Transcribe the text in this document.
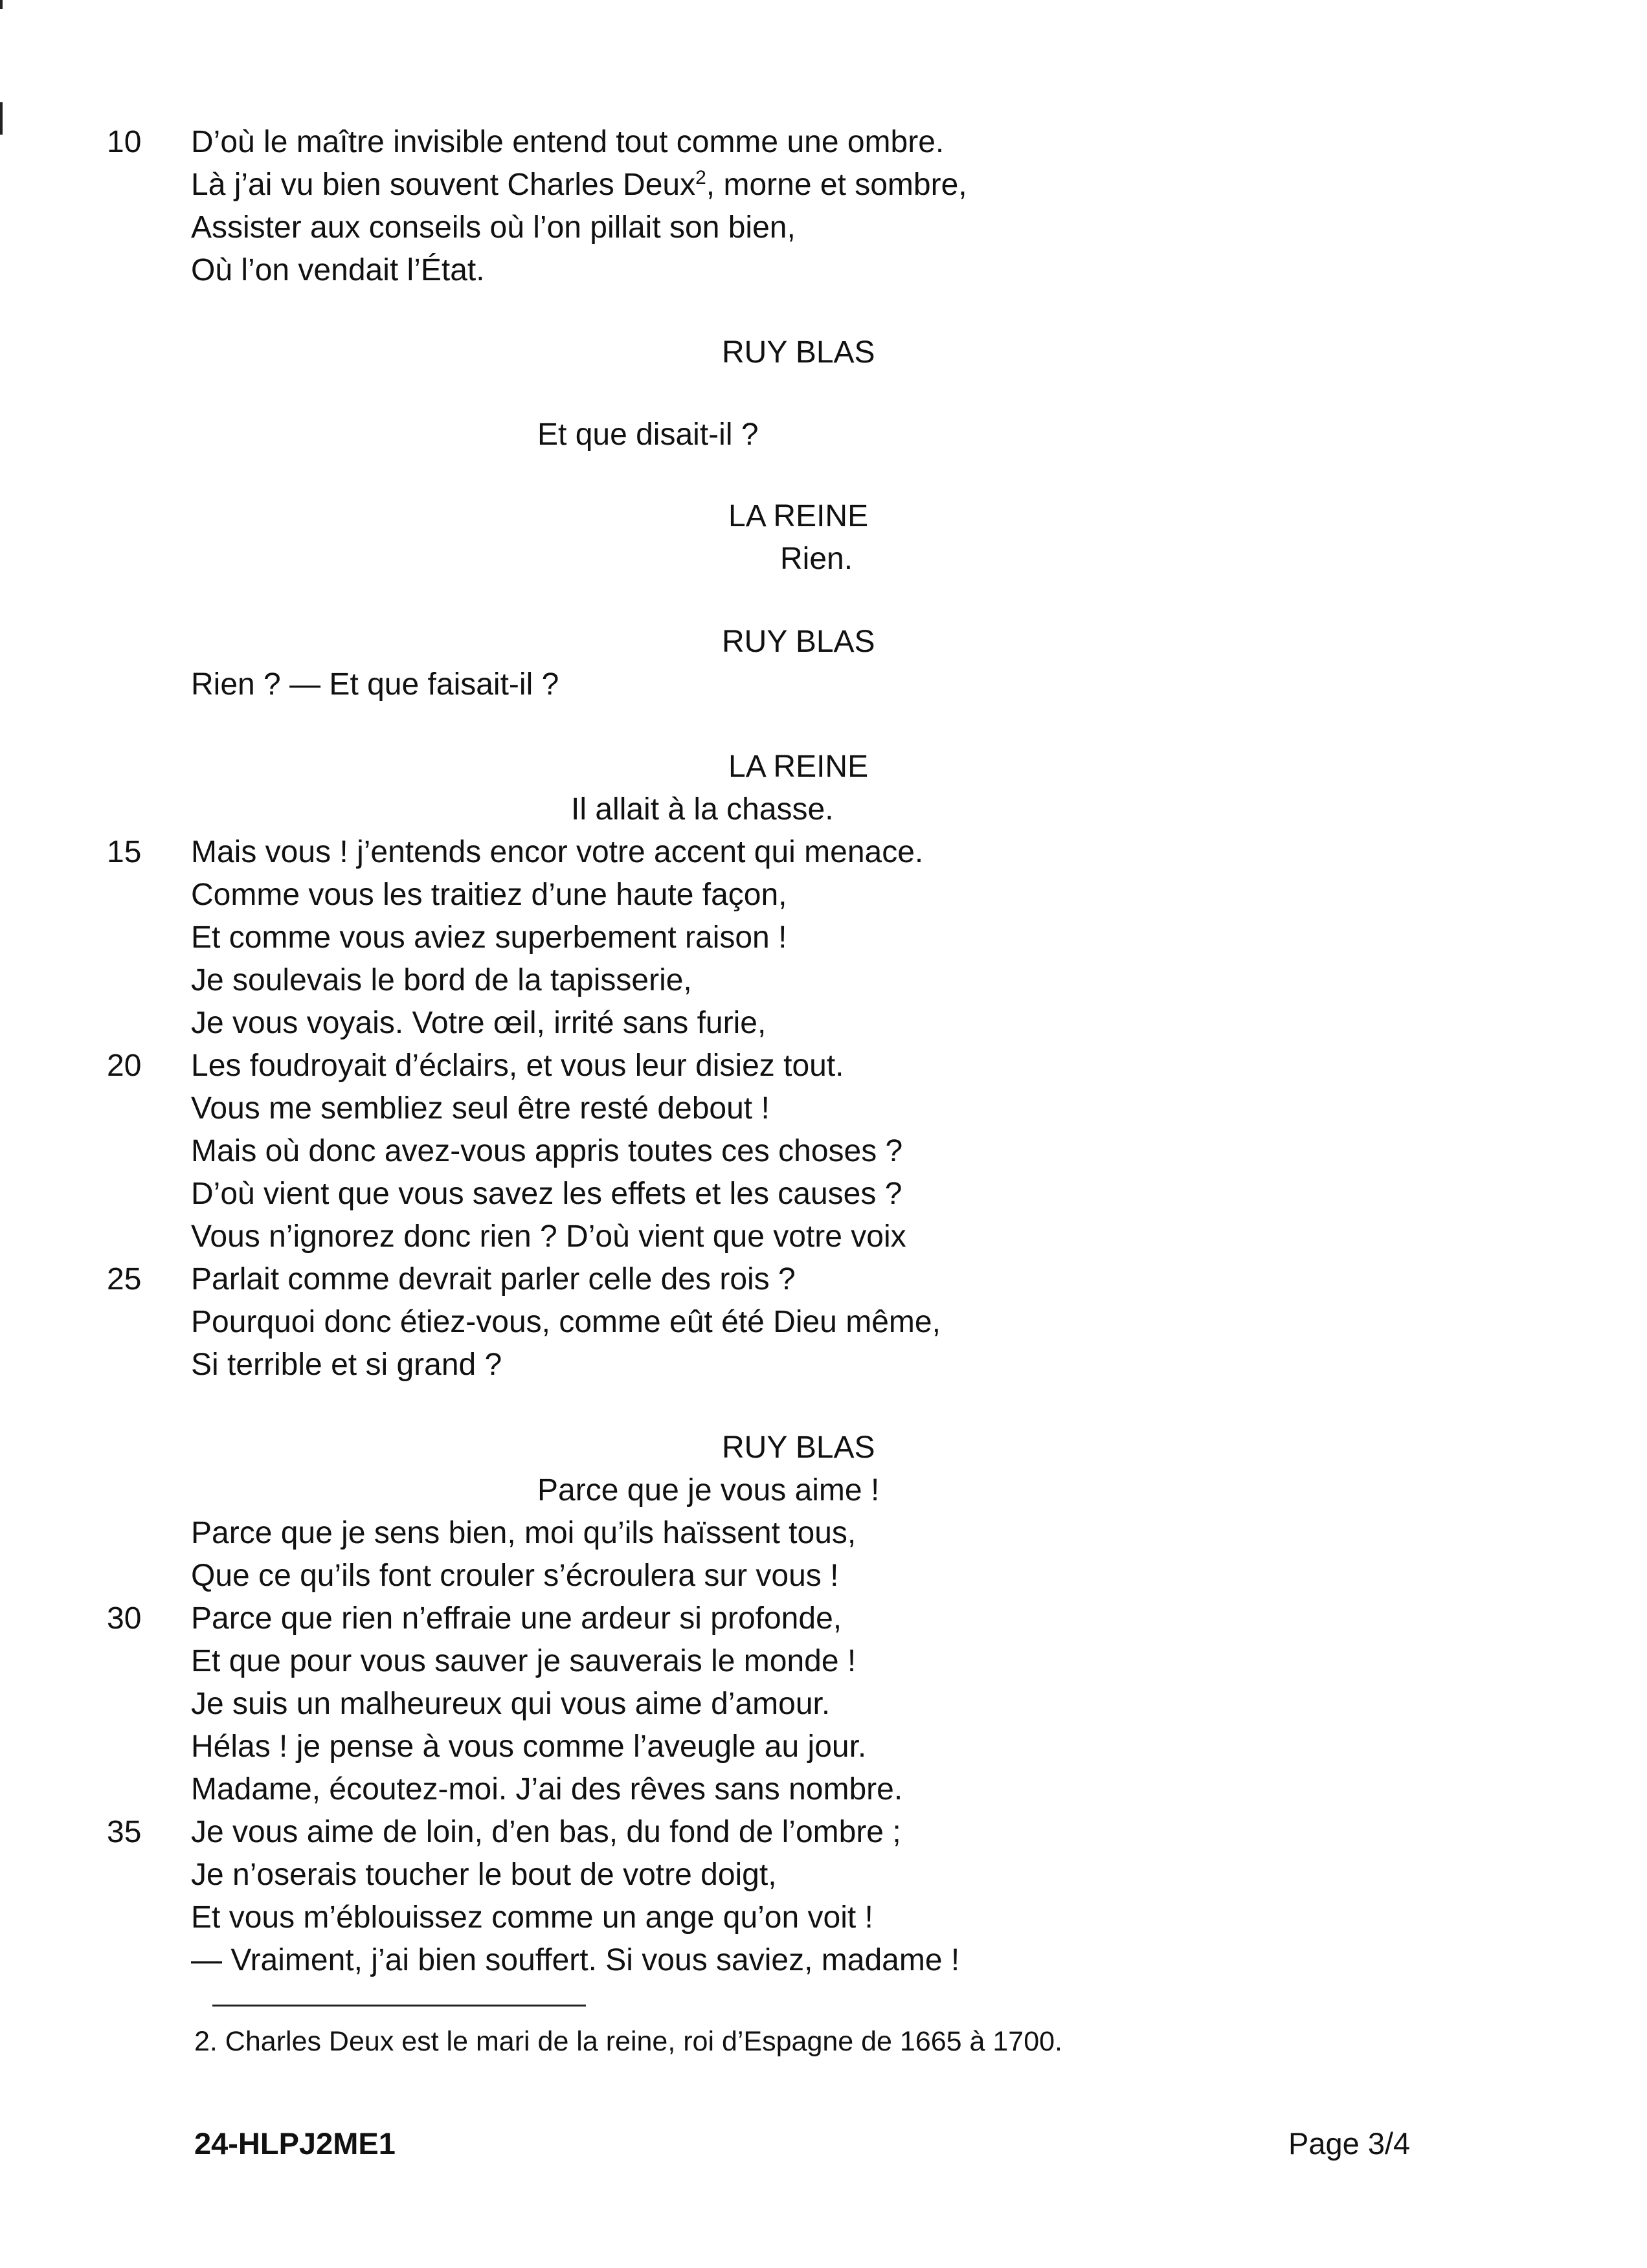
10 D’où le maître invisible entend tout comme une ombre.
Là j’ai vu bien souvent Charles Deux$^2$, morne et sombre,
Assister aux conseils où l’on pillait son bien,
Où l’on vendait l’État.
RUY BLAS
Et que disait-il ?
LA REINE
Rien.
RUY BLAS
Rien ? — Et que faisait-il ?
LA REINE
Il allait à la chasse.
15 Mais vous ! j’entends encor votre accent qui menace.
Comme vous les traitiez d’une haute façon,
Et comme vous aviez superbement raison !
Je soulevais le bord de la tapisserie,
Je vous voyais. Votre œil, irrité sans furie,
20 Les foudroyait d’éclairs, et vous leur disiez tout.
Vous me sembliez seul être resté debout !
Mais où donc avez-vous appris toutes ces choses ?
D’où vient que vous savez les effets et les causes ?
Vous n’ignorez donc rien ? D’où vient que votre voix
25 Parlait comme devrait parler celle des rois ?
Pourquoi donc étiez-vous, comme eût été Dieu même,
Si terrible et si grand ?
RUY BLAS
Parce que je vous aime !
Parce que je sens bien, moi qu’ils haïssent tous,
Que ce qu’ils font crouler s’écroulera sur vous !
30 Parce que rien n’effraie une ardeur si profonde,
Et que pour vous sauver je sauverais le monde !
Je suis un malheureux qui vous aime d’amour.
Hélas ! je pense à vous comme l’aveugle au jour.
Madame, écoutez-moi. J’ai des rêves sans nombre.
35 Je vous aime de loin, d’en bas, du fond de l’ombre ;
Je n’oserais toucher le bout de votre doigt,
Et vous m’éblouissez comme un ange qu’on voit !
— Vraiment, j’ai bien souffert. Si vous saviez, madame !
2. Charles Deux est le mari de la reine, roi d’Espagne de 1665 à 1700.
24-HLPJ2ME1	Page 3/4
